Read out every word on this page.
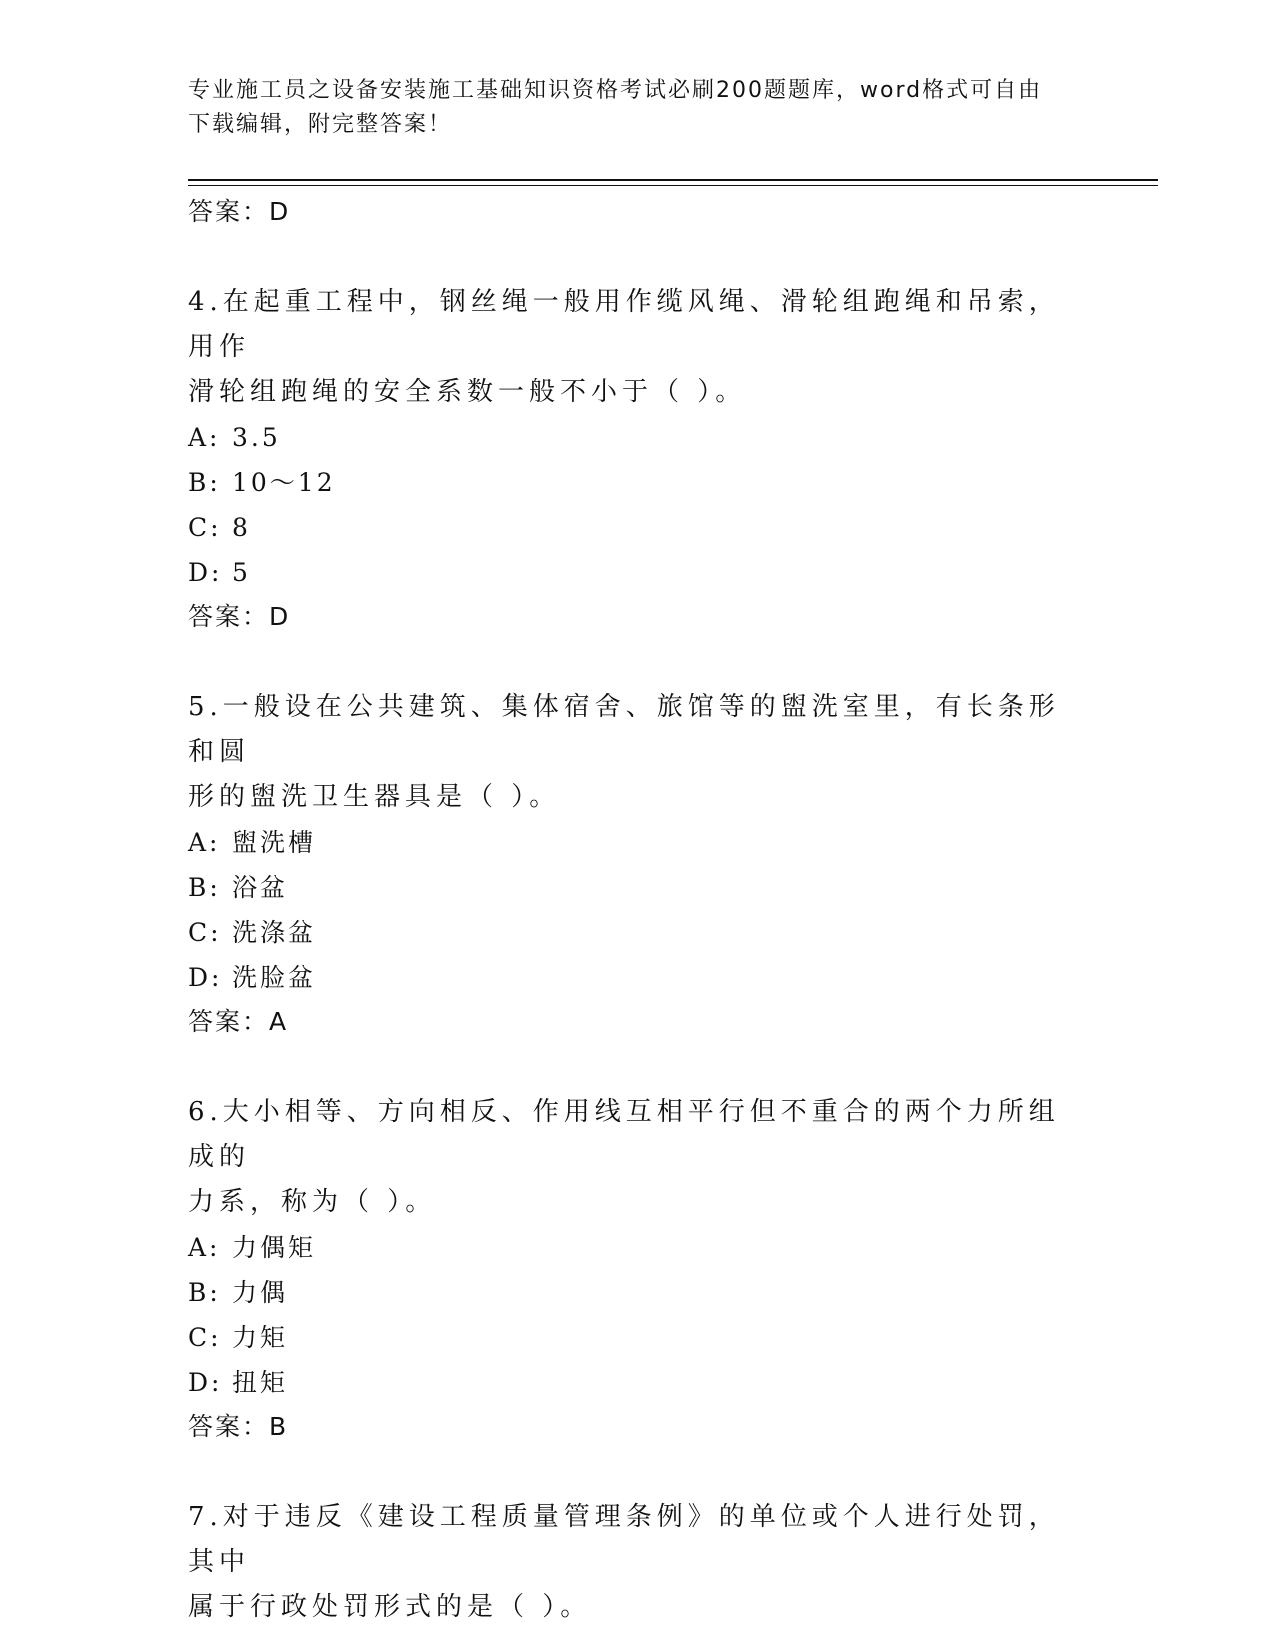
专业施工员之设备安装施工基础知识资格考试必刷200题题库，word格式可自由
下载编辑，附完整答案！
答案：D
4.在起重工程中，钢丝绳一般用作缆风绳、滑轮组跑绳和吊索，用作
滑轮组跑绳的安全系数一般不小于（ ）。
A: 3.5
B: 10～12
C: 8
D: 5
答案：D
5.一般设在公共建筑、集体宿舍、旅馆等的盥洗室里，有长条形和圆
形的盥洗卫生器具是（ ）。
A: 盥洗槽
B: 浴盆
C: 洗涤盆
D: 洗脸盆
答案：A
6.大小相等、方向相反、作用线互相平行但不重合的两个力所组成的
力系，称为（ ）。
A: 力偶矩
B: 力偶
C: 力矩
D: 扭矩
答案：B
7.对于违反《建设工程质量管理条例》的单位或个人进行处罚，其中
属于行政处罚形式的是（ ）。
